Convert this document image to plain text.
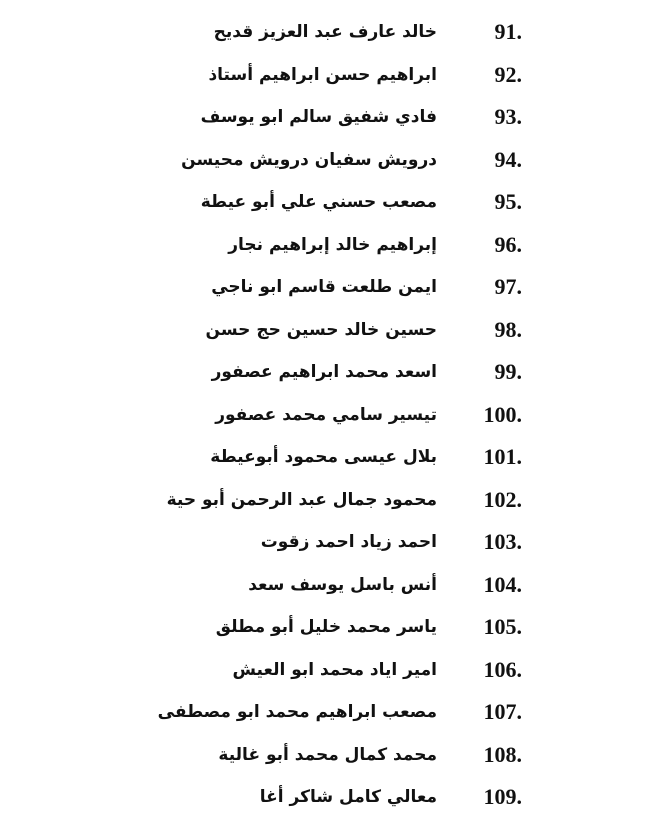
91.
خالد عارف عبد العزيز قديح
92.
ابراهيم حسن ابراهيم أستاذ
93.
فادي شفيق سالم ابو يوسف
94.
درويش سفيان درويش محيسن
95.
مصعب حسني علي أبو عيطة
96.
إبراهيم خالد إبراهيم نجار
97.
ايمن طلعت قاسم ابو ناجي
98.
حسين خالد حسين حج حسن
99.
اسعد محمد ابراهيم عصفور
100.
تيسير سامي محمد عصفور
101.
بلال عيسى محمود أبوعيطة
102.
محمود جمال عبد الرحمن أبو حية
103.
احمد زياد احمد زقوت
104.
أنس باسل يوسف سعد
105.
ياسر محمد خليل أبو مطلق
106.
امير اياد محمد ابو العيش
107.
مصعب ابراهيم محمد ابو مصطفى
108.
محمد كمال محمد أبو غالية
109.
معالي كامل شاكر أغا
